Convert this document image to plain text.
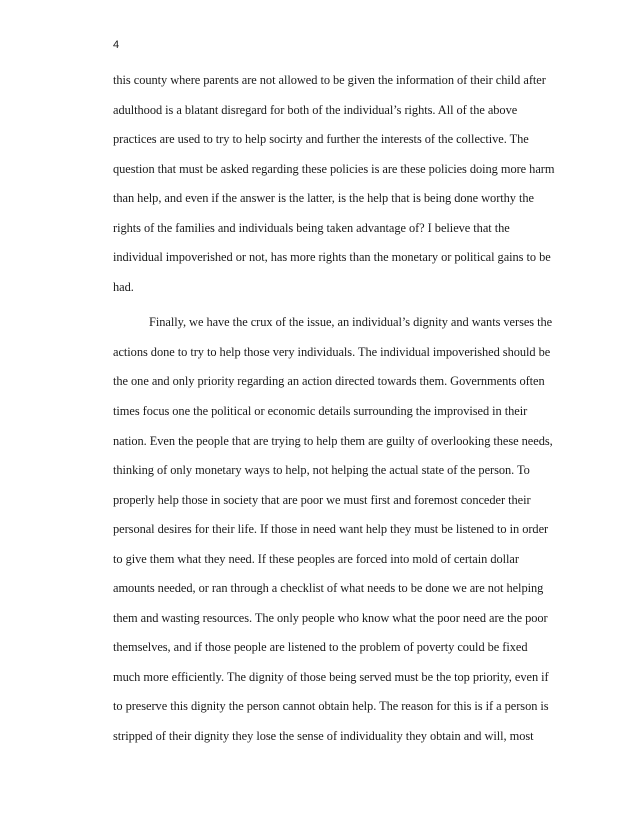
4
this county where parents are not allowed to be given the information of their child after
adulthood is a blatant disregard for both of the individual’s rights. All of the above
practices are used to try to help socirty and further the interests of the collective. The
question that must be asked regarding these policies is are these policies doing more harm
than help, and even if the answer is the latter, is the help that is being done worthy the
rights of the families and individuals being taken advantage of? I believe that the
individual impoverished or not, has more rights than the monetary or political gains to be
had.
Finally, we have the crux of the issue, an individual’s dignity and wants verses the
actions done to try to help those very individuals. The individual impoverished should be
the one and only priority regarding an action directed towards them. Governments often
times focus one the political or economic details surrounding the improvised in their
nation. Even the people that are trying to help them are guilty of overlooking these needs,
thinking of only monetary ways to help, not helping the actual state of the person. To
properly help those in society that are poor we must first and foremost conceder their
personal desires for their life. If those in need want help they must be listened to in order
to give them what they need. If these peoples are forced into mold of certain dollar
amounts needed, or ran through a checklist of what needs to be done we are not helping
them and wasting resources. The only people who know what the poor need are the poor
themselves, and if those people are listened to the problem of poverty could be fixed
much more efficiently. The dignity of those being served must be the top priority, even if
to preserve this dignity the person cannot obtain help. The reason for this is if a person is
stripped of their dignity they lose the sense of individuality they obtain and will, most
